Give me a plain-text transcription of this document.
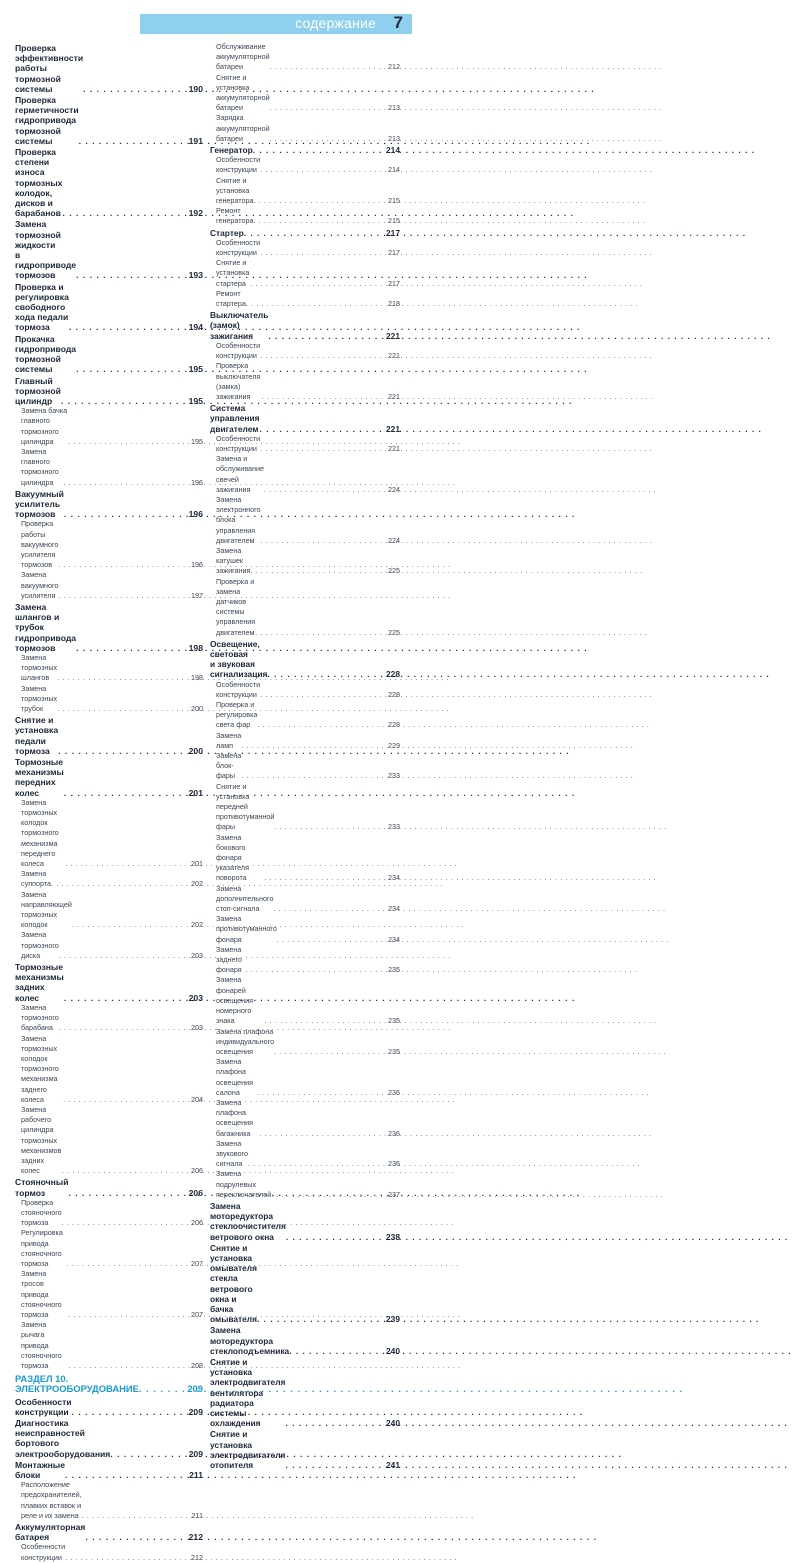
содержание 7
Проверка эффективности работы
тормозной системы . . .	190
Проверка герметичности гидропривода
тормозной системы . . .	191
Проверка степени износа
тормозных колодок, дисков и барабанов . . .	192
Замена тормозной жидкости
в гидроприводе тормозов . . .	193
Проверка и регулировка
свободного хода педали тормоза . . .	194
Прокачка гидропривода
тормозной системы . . .	195
Главный тормозной цилиндр . . .	195
Замена бачка главного тормозного цилиндра . . .	195
Замена главного тормозного цилиндра . . .	196
Вакуумный усилитель тормозов . . .	196
Проверка работы
вакуумного усилителя тормозов . . .	196
Замена вакуумного усилителя . . .	197
Замена шлангов и трубок
гидропривода тормозов . . .	198
Замена тормозных шлангов . . .	198
Замена тормозных трубок . . .	200
Снятие и установка педали тормоза . . .	200
Тормозные механизмы передних колес . . .	201
Замена тормозных колодок
тормозного механизма переднего колеса . . .	201
Замена суппорта . . .	202
Замена направляющей тормозных колодок . . .	202
Замена тормозного диска . . .	203
Тормозные механизмы задних колес . . .	203
Замена тормозного барабана . . .	203
Замена тормозных колодок
тормозного механизма заднего колеса . . .	204
Замена рабочего цилиндра
тормозных механизмов задних колес . . .	206
Стояночный тормоз . . .	206
Проверка стояночного тормоза . . .	206
Регулировка привода стояночного тормоза . . .	207
Замена тросов привода стояночного тормоза . . .	207
Замена рычага привода стояночного тормоза . . .	208
РАЗДЕЛ 10. ЭЛЕКТРООБОРУДОВАНИЕ . . .	209
Особенности конструкции . . .	209
Диагностика неисправностей
бортового электрооборудования . . .	209
Монтажные блоки . . .	211
Расположение предохранителей,
плавких вставок и реле и их замена . . .	211
Аккумуляторная батарея . . .	212
Особенности конструкции . . .	212
Обслуживание аккумуляторной батареи . . .	212
Снятие и установка аккумуляторной батареи . . .	213
Зарядка аккумуляторной батареи . . .	213
Генератор . . .	214
Особенности конструкции . . .	214
Снятие и установка генератора . . .	215
Ремонт генератора . . .	215
Стартер . . .	217
Особенности конструкции . . .	217
Снятие и установка стартера . . .	217
Ремонт стартера . . .	218
Выключатель (замок) зажигания . . .	221
Особенности конструкции . . .	221
Проверка выключателя (замка) зажигания . . .	221
Система управления двигателем . . .	221
Особенности конструкции . . .	221
Замена и обслуживание свечей зажигания . . .	224
Замена электронного блока
управления двигателем . . .	224
Замена катушек зажигания . . .	225
Проверка и замена датчиков
системы управления двигателем . . .	225
Освещение, световая
и звуковая сигнализация . . .	228
Особенности конструкции . . .	228
Проверка и регулировка света фар . . .	228
Замена ламп . . .	229
Замена блок-фары . . .	233
Снятие и установка
передней противотуманной фары . . .	233
Замена бокового фонаря указателя поворота . . .	234
Замена дополнительного стоп-сигнала . . .	234
Замена противотуманного фонаря . . .	234
Замена заднего фонаря . . .	235
Замена фонарей освещения номерного знака . . .	235
Замена плафона индивидуального освещения . . .	235
Замена плафона освещения салона . . .	236
Замена плафона освещения багажника . . .	236
Замена звукового сигнала . . .	236
Замена подрулевых переключателей . . .	237
Замена моторедуктора
стеклоочистителя ветрового окна . . .	238
Снятие и установка омывателя
стекла ветрового окна и бачка омывателя . . .	239
Замена моторедуктора стеклоподъемника . . .	240
Снятие и установка
электродвигателя вентилятора
радиатора системы охлаждения . . .	240
Снятие и установка
электродвигателя отопителя . . .	241
